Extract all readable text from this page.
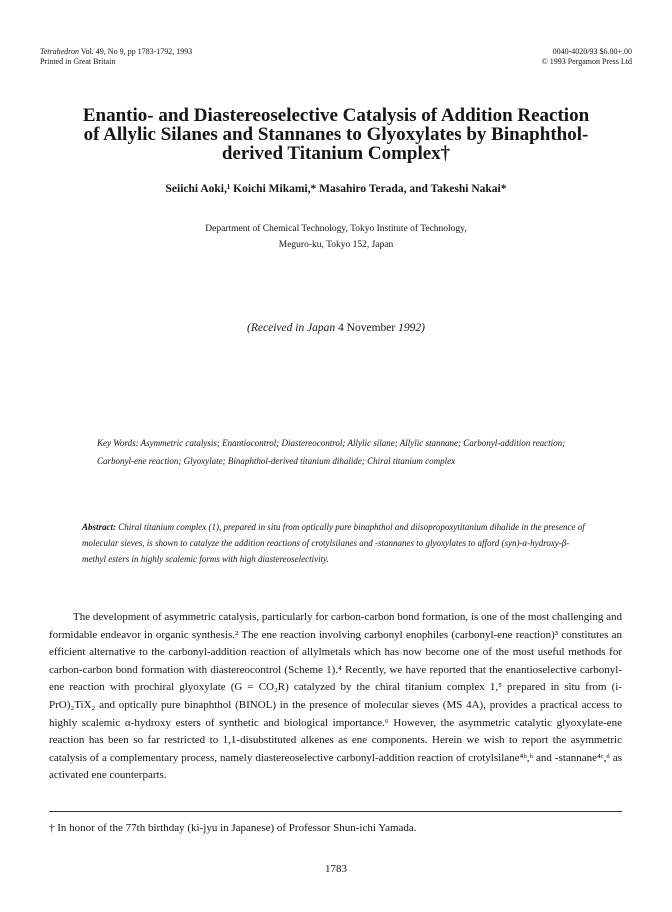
Tetrahedron Vol. 49, No 9, pp 1783-1792, 1993
Printed in Great Britain
0040-4020/93 $6.00+.00
© 1993 Pergamon Press Ltd
Enantio- and Diastereoselective Catalysis of Addition Reaction
of Allylic Silanes and Stannanes to Glyoxylates by Binaphthol-
derived Titanium Complex†
Seiichi Aoki,¹ Koichi Mikami,* Masahiro Terada, and Takeshi Nakai*
Department of Chemical Technology, Tokyo Institute of Technology,
Meguro-ku, Tokyo 152, Japan
(Received in Japan 4 November 1992)
Key Words: Asymmetric catalysis; Enantiocontrol; Diastereocontrol; Allylic silane; Allylic stannane; Carbonyl-addition reaction; Carbonyl-ene reaction; Glyoxylate; Binaphthol-derived titanium dihalide; Chiral titanium complex
Abstract: Chiral titanium complex (1), prepared in situ from optically pure binaphthol and diisopropoxytitanium dihalide in the presence of molecular sieves, is shown to catalyze the addition reactions of crotylsilanes and -stannanes to glyoxylates to afford (syn)-α-hydroxy-β-methyl esters in highly scalemic forms with high diastereoselectivity.
The development of asymmetric catalysis, particularly for carbon-carbon bond formation, is one of the most challenging and formidable endeavor in organic synthesis.² The ene reaction involving carbonyl enophiles (carbonyl-ene reaction)³ constitutes an efficient alternative to the carbonyl-addition reaction of allylmetals which has now become one of the most useful methods for carbon-carbon bond formation with diastereocontrol (Scheme 1).⁴ Recently, we have reported that the enantioselective carbonyl-ene reaction with prochiral glyoxylate (G = CO₂R) catalyzed by the chiral titanium complex 1,⁵ prepared in situ from (i-PrO)₂TiX₂ and optically pure binaphthol (BINOL) in the presence of molecular sieves (MS 4A), provides a practical access to highly scalemic α-hydroxy esters of synthetic and biological importance.⁶ However, the asymmetric catalytic glyoxylate-ene reaction has been so far restricted to 1,1-disubstituted alkenes as ene components. Herein we wish to report the asymmetric catalysis of a complementary process, namely diastereoselective carbonyl-addition reaction of crotylsilane⁴ᵇ,ʰ and -stannane⁴ᶜ,ᵈ as activated ene counterparts.
† In honor of the 77th birthday (ki-jyu in Japanese) of Professor Shun-ichi Yamada.
1783
